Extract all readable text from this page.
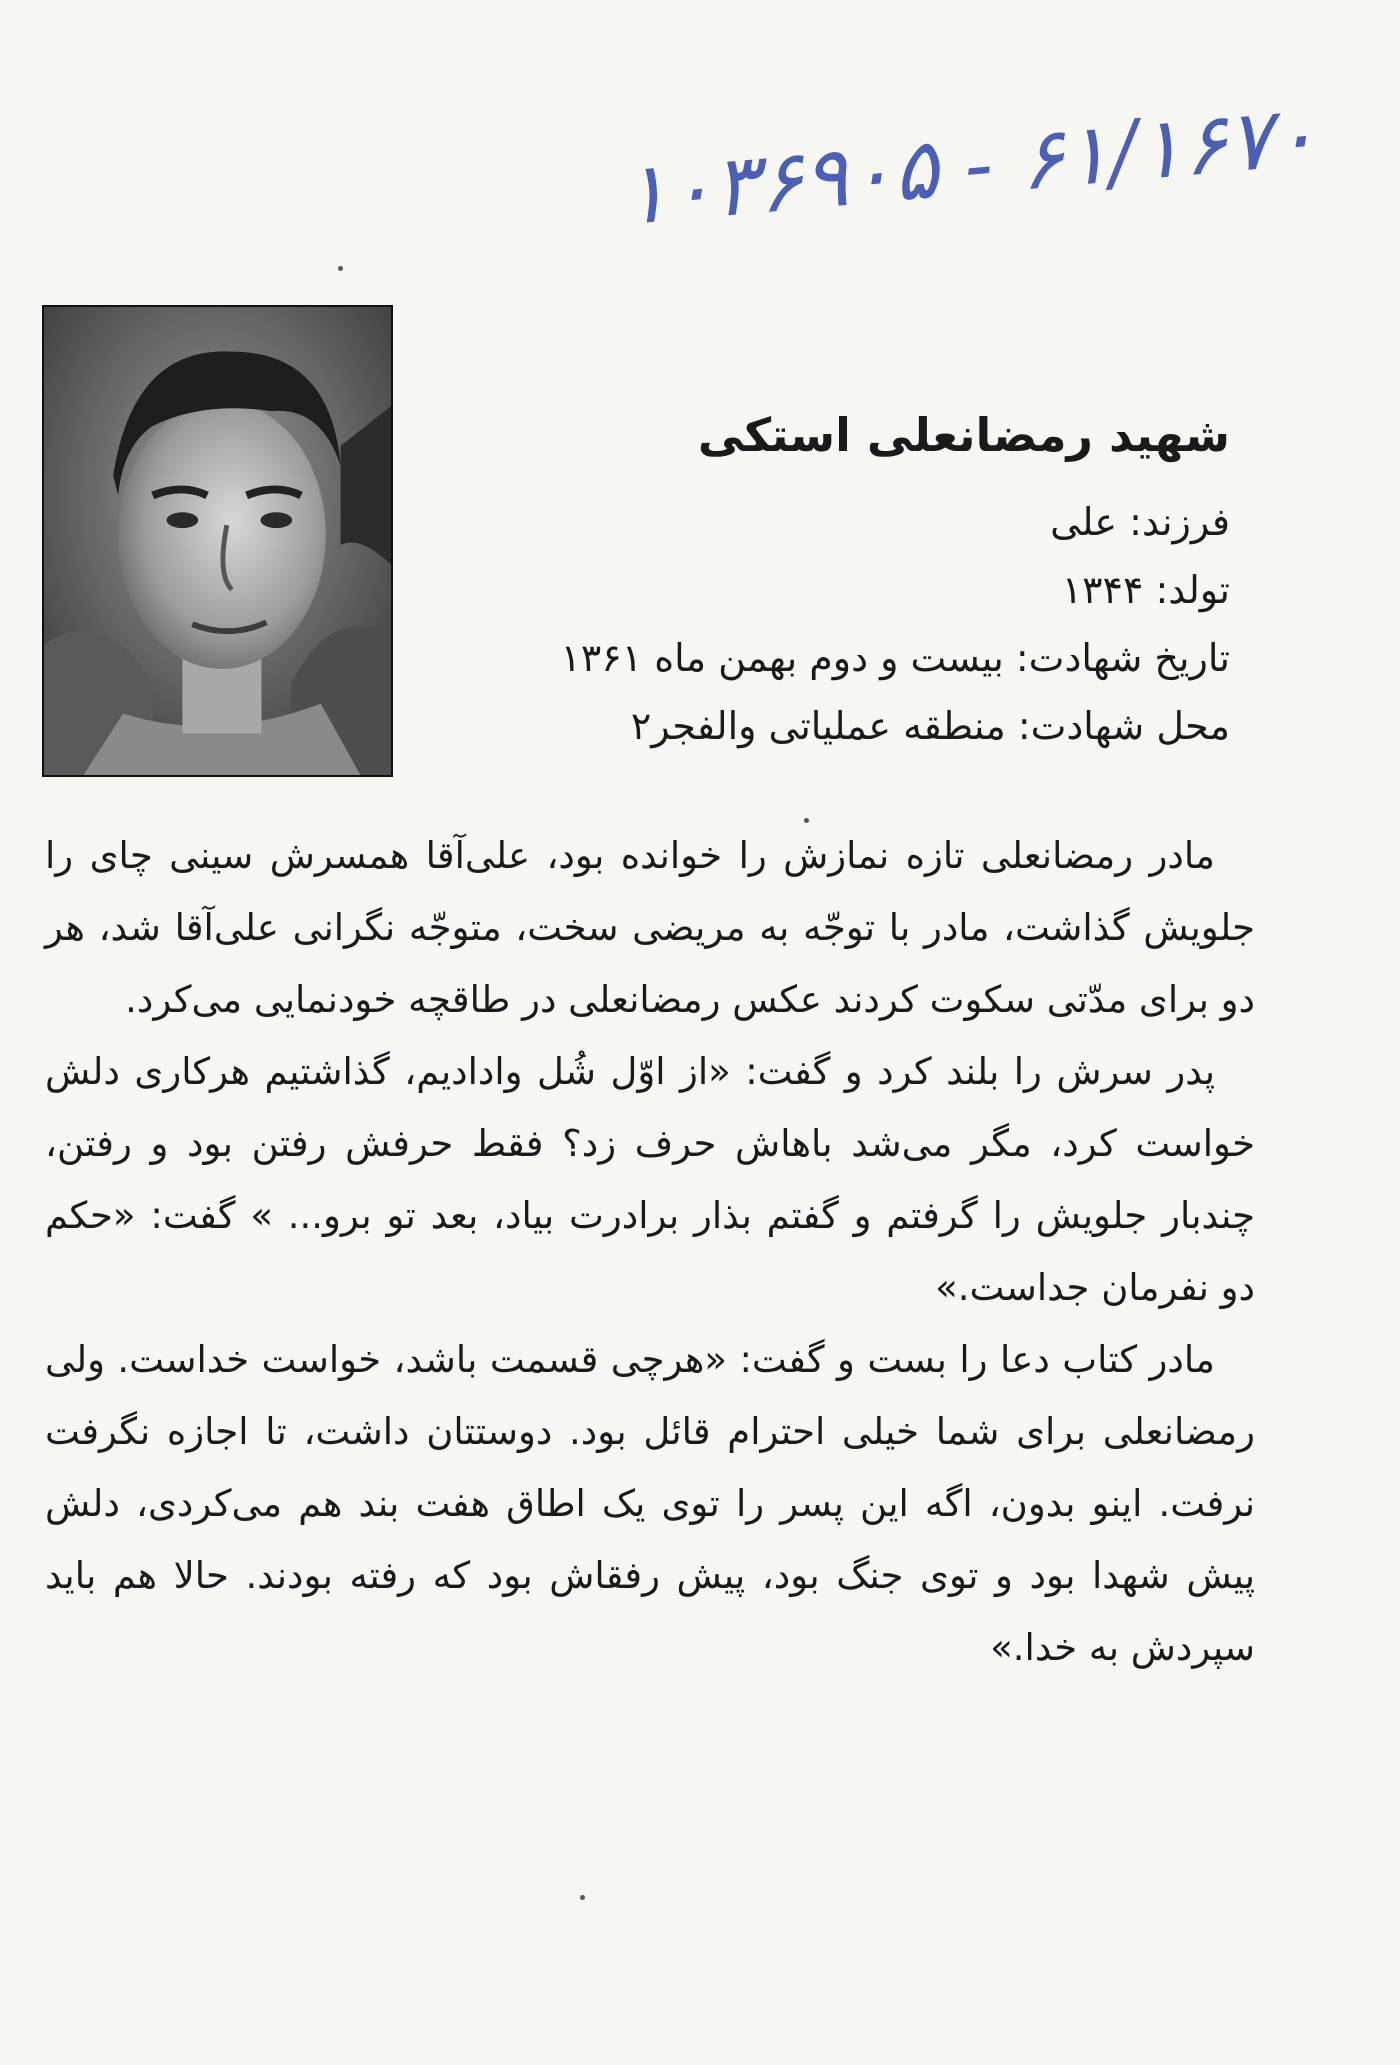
۶۱/۱۶۷۰ - ۱۰۳۶۹۰۵
شهید رمضانعلی استکی
فرزند: علی
تولد: ۱۳۴۴
تاریخ شهادت: بیست و دوم بهمن ماه ۱۳۶۱
محل شهادت: منطقه عملیاتی والفجر۲

مادر رمضانعلی تازه نمازش را خوانده بود، علی‌آقا همسرش سینی چای را جلویش گذاشت، مادر با توجّه به مریضی سخت، متوجّه نگرانی علی‌آقا شد، هر دو برای مدّتی سکوت کردند عکس رمضانعلی در طاقچه خودنمایی می‌کرد.

پدر سرش را بلند کرد و گفت: «از اوّل شُل وادادیم، گذاشتیم هرکاری دلش خواست کرد، مگر می‌شد باهاش حرف زد؟ فقط حرفش رفتن بود و رفتن، چندبار جلویش را گرفتم و گفتم بذار برادرت بیاد، بعد تو برو... » گفت: «حکم دو نفرمان جداست.»

مادر کتاب دعا را بست و گفت: «هرچی قسمت باشد، خواست خداست. ولی رمضانعلی برای شما خیلی احترام قائل بود. دوستتان داشت، تا اجازه نگرفت نرفت. اینو بدون، اگه این پسر را توی یک اطاق هفت بند هم می‌کردی، دلش پیش شهدا بود و توی جنگ بود، پیش رفقاش بود که رفته بودند. حالا هم باید سپردش به خدا.»
